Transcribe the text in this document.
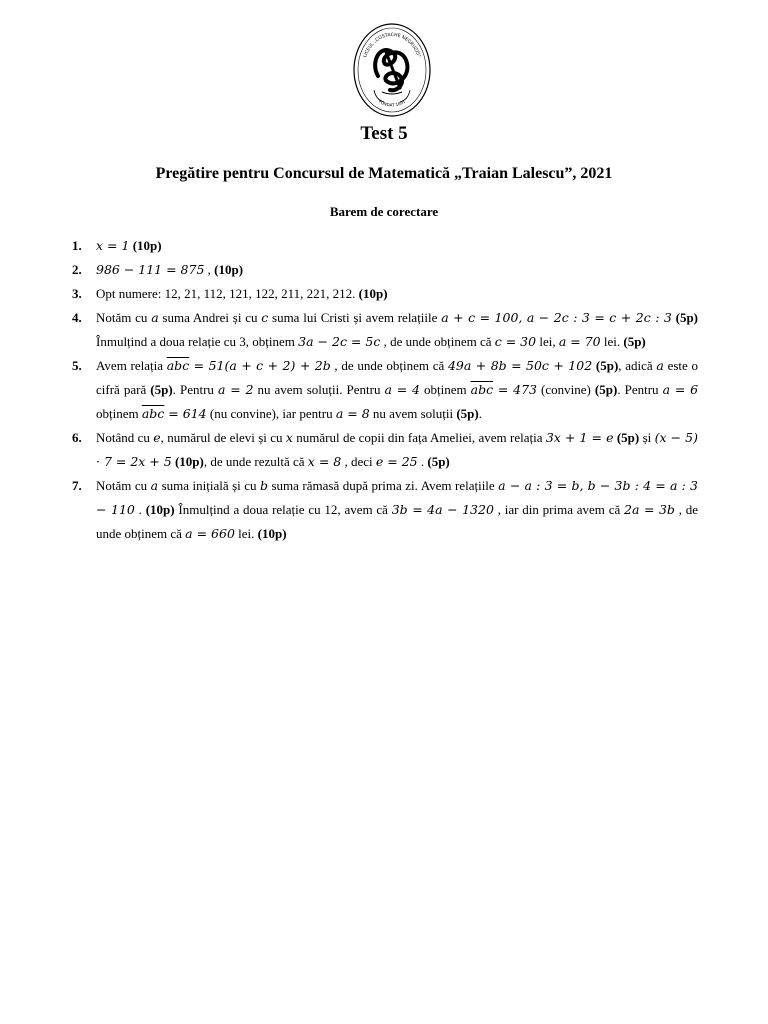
LICEUL „COSTACHE NEGRUZZI”
FONDAT 1891
Test 5
Pregătire pentru Concursul de Matematică „Traian Lalescu”, 2021
Barem de corectare
1. x = 1 (10p)
2. 986 − 111 = 875 , (10p)
3. Opt numere: 12, 21, 112, 121, 122, 211, 221, 212. (10p)
4. Notăm cu a suma Andrei și cu c suma lui Cristi și avem relațiile a + c = 100, a − 2c : 3 = c + 2c : 3 (5p) Înmulțind a doua relație cu 3, obținem 3a − 2c = 5c , de unde obținem că c = 30 lei, a = 70 lei. (5p)
5. Avem relația $\overline{abc} = 51(a + c + 2) + 2b$ , de unde obținem că 49a + 8b = 50c + 102 (5p), adică a este o cifră pară (5p). Pentru a = 2 nu avem soluții. Pentru a = 4 obținem $\overline{abc} = 473$ (convine) (5p). Pentru a = 6 obținem $\overline{abc} = 614$ (nu convine), iar pentru a = 8 nu avem soluții (5p).
6. Notând cu e, numărul de elevi și cu x numărul de copii din fața Ameliei, avem relația 3x + 1 = e (5p) și (x − 5) · 7 = 2x + 5 (10p), de unde rezultă că x = 8 , deci e = 25 . (5p)
7. Notăm cu a suma inițială și cu b suma rămasă după prima zi. Avem relațiile a − a : 3 = b, b − 3b : 4 = a : 3 − 110 . (10p) Înmulțind a doua relație cu 12, avem că 3b = 4a − 1320 , iar din prima avem că 2a = 3b , de unde obținem că a = 660 lei. (10p)
